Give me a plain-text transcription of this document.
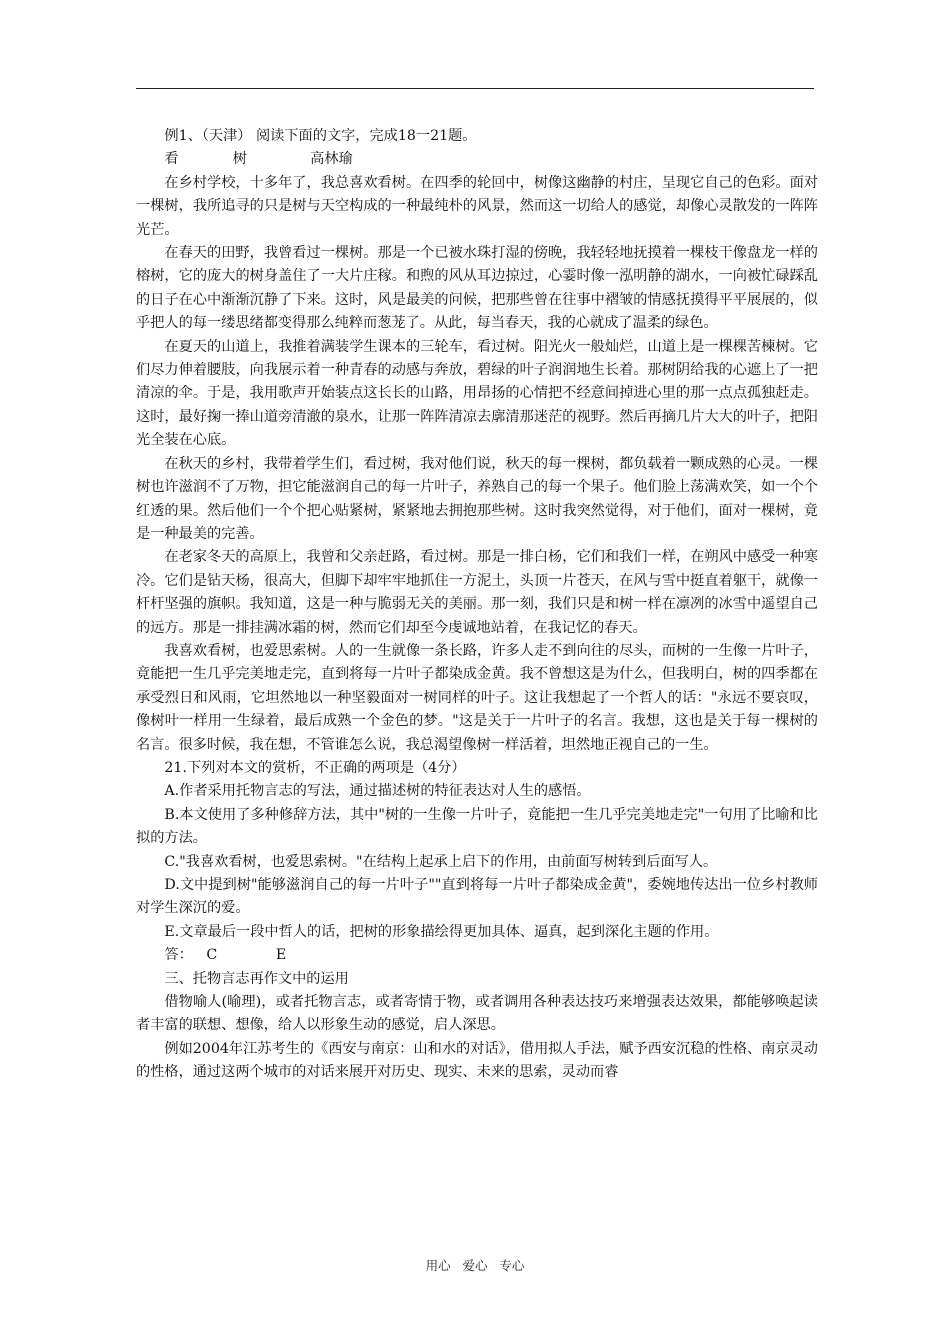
例1、（天津） 阅读下面的文字，完成18一21题。

看	树	高林瑜

在乡村学校，十多年了，我总喜欢看树。在四季的轮回中，树像这幽静的村庄，呈现它自己的色彩。面对一棵树，我所追寻的只是树与天空构成的一种最纯朴的风景，然而这一切给人的感觉，却像心灵散发的一阵阵光芒。

在春天的田野，我曾看过一棵树。那是一个已被水珠打湿的傍晚，我轻轻地抚摸着一棵枝干像盘龙一样的榕树，它的庞大的树身盖住了一大片庄稼。和煦的风从耳边掠过，心霎时像一泓明静的湖水，一向被忙碌踩乱的日子在心中渐渐沉静了下来。这时，风是最美的问候，把那些曾在往事中褶皱的情感抚摸得平平展展的，似乎把人的每一缕思绪都变得那么纯粹而葱茏了。从此，每当春天，我的心就成了温柔的绿色。

在夏天的山道上，我推着满装学生课本的三轮车，看过树。阳光火一般灿烂，山道上是一棵棵苦楝树。它们尽力伸着腰肢，向我展示着一种青春的动感与奔放，碧绿的叶子润润地生长着。那树阴给我的心遮上了一把清凉的伞。于是，我用歌声开始装点这长长的山路，用昂扬的心情把不经意间掉进心里的那一点点孤独赶走。这时，最好掬一捧山道旁清澈的泉水，让那一阵阵清凉去廓清那迷茫的视野。然后再摘几片大大的叶子，把阳光全装在心底。

在秋天的乡村，我带着学生们，看过树，我对他们说，秋天的每一棵树，都负载着一颗成熟的心灵。一棵树也许滋润不了万物，担它能滋润自己的每一片叶子，养熟自己的每一个果子。他们脸上荡满欢笑，如一个个红透的果。然后他们一个个把心贴紧树，紧紧地去拥抱那些树。这时我突然觉得，对于他们，面对一棵树，竟是一种最美的完善。

在老家冬天的高原上，我曾和父亲赶路，看过树。那是一排白杨，它们和我们一样，在朔风中感受一种寒冷。它们是钻天杨，很高大，但脚下却牢牢地抓住一方泥土，头顶一片苍天，在风与雪中挺直着躯干，就像一杆杆坚强的旗帜。我知道，这是一种与脆弱无关的美丽。那一刻，我们只是和树一样在凛冽的冰雪中遥望自己的远方。那是一排挂满冰霜的树，然而它们却至今虔诚地站着，在我记忆的春天。

我喜欢看树，也爱思索树。人的一生就像一条长路，许多人走不到向往的尽头，而树的一生像一片叶子，竟能把一生几乎完美地走完，直到将每一片叶子都染成金黄。我不曾想这是为什么，但我明白，树的四季都在承受烈日和风雨，它坦然地以一种坚毅面对一树同样的叶子。这让我想起了一个哲人的话："永远不要哀叹，像树叶一样用一生绿着，最后成熟一个金色的梦。"这是关于一片叶子的名言。我想，这也是关于每一棵树的名言。很多时候，我在想，不管谁怎么说，我总渴望像树一样活着，坦然地正视自己的一生。

21.下列对本文的赏析，不正确的两项是（4分）

A.作者采用托物言志的写法，通过描述树的特征表达对人生的感悟。

B.本文使用了多种修辞方法，其中"树的一生像一片叶子，竟能把一生几乎完美地走完"一句用了比喻和比拟的方法。

C."我喜欢看树，也爱思索树。"在结构上起承上启下的作用，由前面写树转到后面写人。

D.文中提到树"能够滋润自己的每一片叶子""直到将每一片叶子都染成金黄"，委婉地传达出一位乡村教师对学生深沉的爱。

E.文章最后一段中哲人的话，把树的形象描绘得更加具体、逼真，起到深化主题的作用。

答： C	E

三、托物言志再作文中的运用

借物喻人(喻理)，或者托物言志，或者寄情于物，或者调用各种表达技巧来增强表达效果，都能够唤起读者丰富的联想、想像，给人以形象生动的感觉，启人深思。

例如2004年江苏考生的《西安与南京：山和水的对话》，借用拟人手法，赋予西安沉稳的性格、南京灵动的性格，通过这两个城市的对话来展开对历史、现实、未来的思索，灵动而睿

用心   爱心   专心
